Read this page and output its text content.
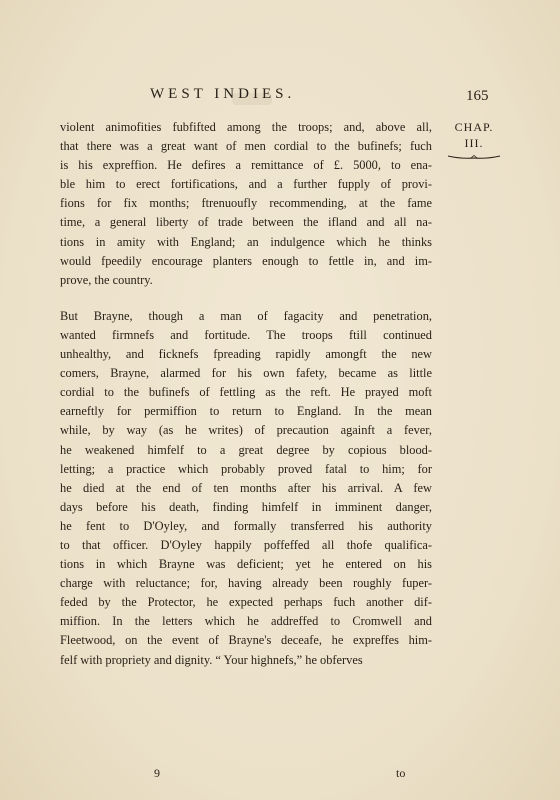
WEST INDIES.	165
CHAP.
III.
violent animofities fubfifted among the troops; and, above all,
that there was a great want of men cordial to the bufinefs; fuch
is his expreffion. He defires a remittance of £. 5000, to ena-
ble him to erect fortifications, and a further fupply of provi-
fions for fix months; ftrenuoufly recommending, at the fame
time, a general liberty of trade between the ifland and all na-
tions in amity with England; an indulgence which he thinks
would fpeedily encourage planters enough to fettle in, and im-
prove, the country.
But Brayne, though a man of fagacity and penetration,
wanted firmnefs and fortitude. The troops ftill continued
unhealthy, and ficknefs fpreading rapidly amongft the new
comers, Brayne, alarmed for his own fafety, became as little
cordial to the bufinefs of fettling as the reft. He prayed moft
earneftly for permiffion to return to England. In the mean
while, by way (as he writes) of precaution againft a fever,
he weakened himfelf to a great degree by copious blood-
letting; a practice which probably proved fatal to him; for
he died at the end of ten months after his arrival. A few
days before his death, finding himfelf in imminent danger,
he fent to D'Oyley, and formally transferred his authority
to that officer. D'Oyley happily poffeffed all thofe qualifica-
tions in which Brayne was deficient; yet he entered on his
charge with reluctance; for, having already been roughly fuper-
feded by the Protector, he expected perhaps fuch another dif-
miffion. In the letters which he addreffed to Cromwell and
Fleetwood, on the event of Brayne's deceafe, he expreffes him-
felf with propriety and dignity. “ Your highnefs,” he obferves
9	to
